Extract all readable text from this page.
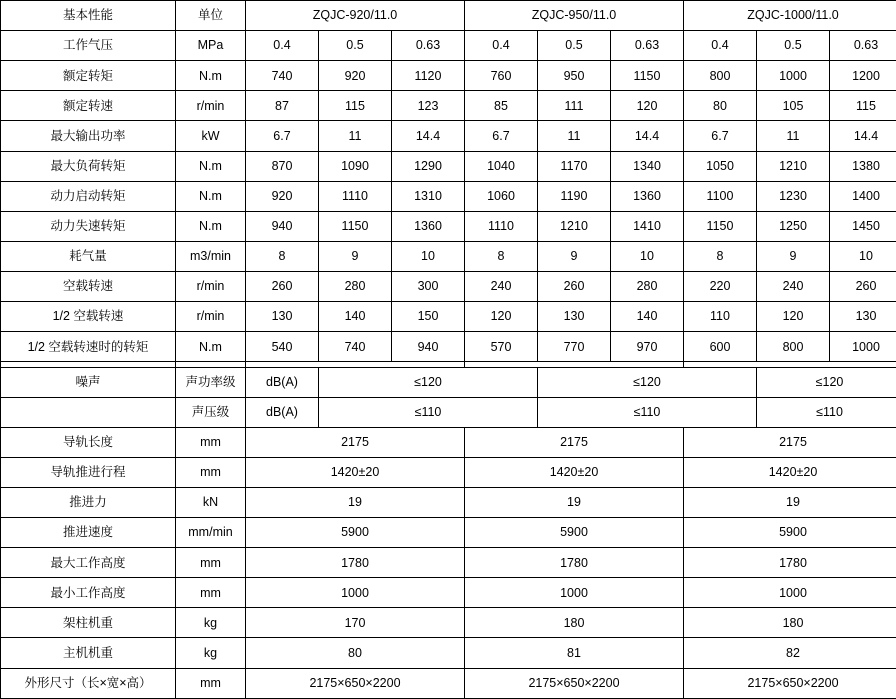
基本性能	单位	ZQJC-920/11.0			ZQJC-950/11.0			ZQJC-1000/11.0		
工作气压	MPa	0.4	0.5	0.63	0.4	0.5	0.63	0.4	0.5	0.63
额定转矩	N.m	740	920	1120	760	950	1150	800	1000	1200
额定转速	r/min	87	115	123	85	111	120	80	105	115
最大输出功率	kW	6.7	11	14.4	6.7	11	14.4	6.7	11	14.4
最大负荷转矩	N.m	870	1090	1290	1040	1170	1340	1050	1210	1380
动力启动转矩	N.m	920	1110	1310	1060	1190	1360	1100	1230	1400
动力失速转矩	N.m	940	1150	1360	1110	1210	1410	1150	1250	1450
耗气量	m3/min	8	9	10	8	9	10	8	9	10
空载转速	r/min	260	280	300	240	260	280	220	240	260
1/2 空载转速	r/min	130	140	150	120	130	140	110	120	130
1/2 空载转速时的转矩	N.m	540	740	940	570	770	970	600	800	1000

噪声	声功率级	dB(A)	≤120			≤120			≤120	
	声压级	dB(A)	≤110			≤110			≤110	
导轨长度	mm	2175			2175			2175		
导轨推进行程	mm	1420±20			1420±20			1420±20		
推进力	kN	19			19			19		
推进速度	mm/min	5900			5900			5900		
最大工作高度	mm	1780			1780			1780		
最小工作高度	mm	1000			1000			1000		
架柱机重	kg	170			180			180		
主机机重	kg	80			81			82		
外形尺寸（长×宽×高）	mm	2175×650×2200			2175×650×2200			2175×650×2200		
